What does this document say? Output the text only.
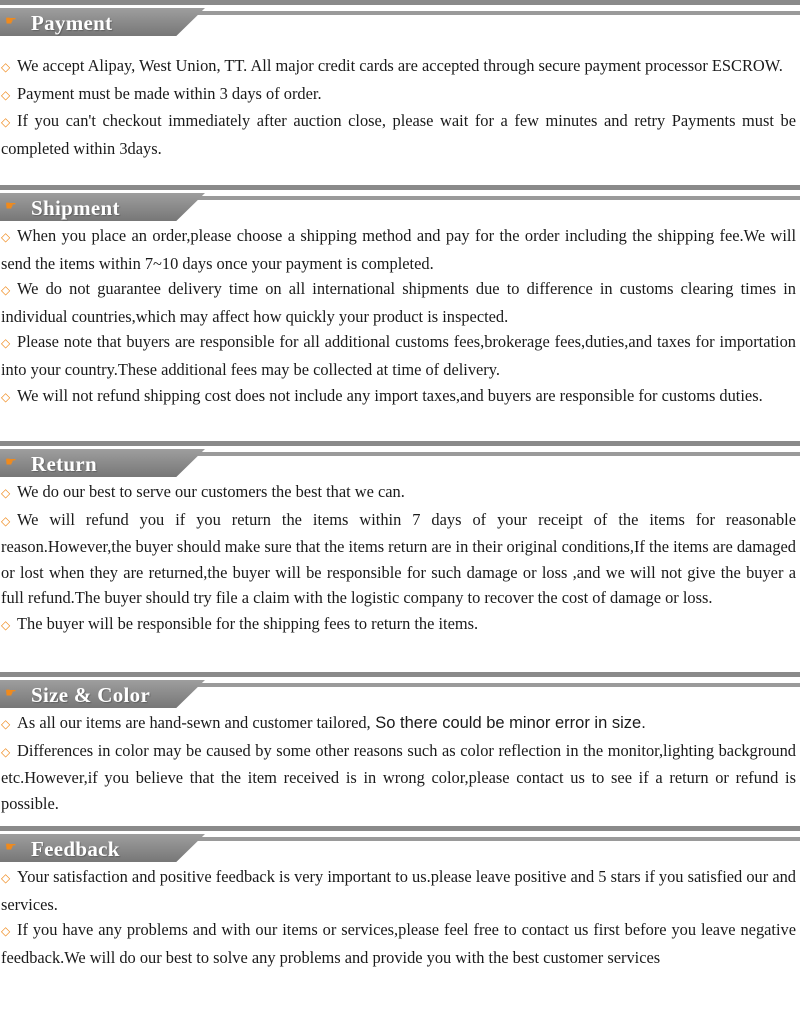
☛ Payment

◇ We accept Alipay, West Union, TT. All major credit cards are accepted through secure payment processor ESCROW.

◇ Payment must be made within 3 days of order.

◇ If you can't checkout immediately after auction close, please wait for a few minutes and retry Payments must be completed within 3days.

☛ Shipment

◇ When you place an order,please choose a shipping method and pay for the order including the shipping fee.We will send the items within 7~10 days once your payment is completed.

◇ We do not guarantee delivery time on all international shipments due to difference in customs clearing times in individual countries,which may affect how quickly your product is inspected.

◇ Please note that buyers are responsible for all additional customs fees,brokerage fees,duties,and taxes for importation into your country.These additional fees may be collected at time of delivery.

◇ We will not refund shipping cost does not include any import taxes,and buyers are responsible for customs duties.

☛ Return

◇ We do our best to serve our customers the best that we can.

◇ We will refund you if you return the items within 7 days of your receipt of the items for reasonable reason.However,the buyer should make sure that the items return are in their original conditions,If the items are damaged or lost when they are returned,the buyer will be responsible for such damage or loss ,and we will not give the buyer a full refund.The buyer should try file a claim with the logistic company to recover the cost of damage or loss.

◇ The buyer will be responsible for the shipping fees to return the items.

☛ Size & Color

◇ As all our items are hand-sewn and customer tailored, So there could be minor error in size.

◇ Differences in color may be caused by some other reasons such as color reflection in the monitor,lighting background etc.However,if you believe that the item received is in wrong color,please contact us to see if a return or refund is possible.

☛ Feedback

◇ Your satisfaction and positive feedback is very important to us.please leave positive and 5 stars if you satisfied our and services.

◇ If you have any problems and with our items or services,please feel free to contact us first before you leave negative feedback.We will do our best to solve any problems and provide you with the best customer services
